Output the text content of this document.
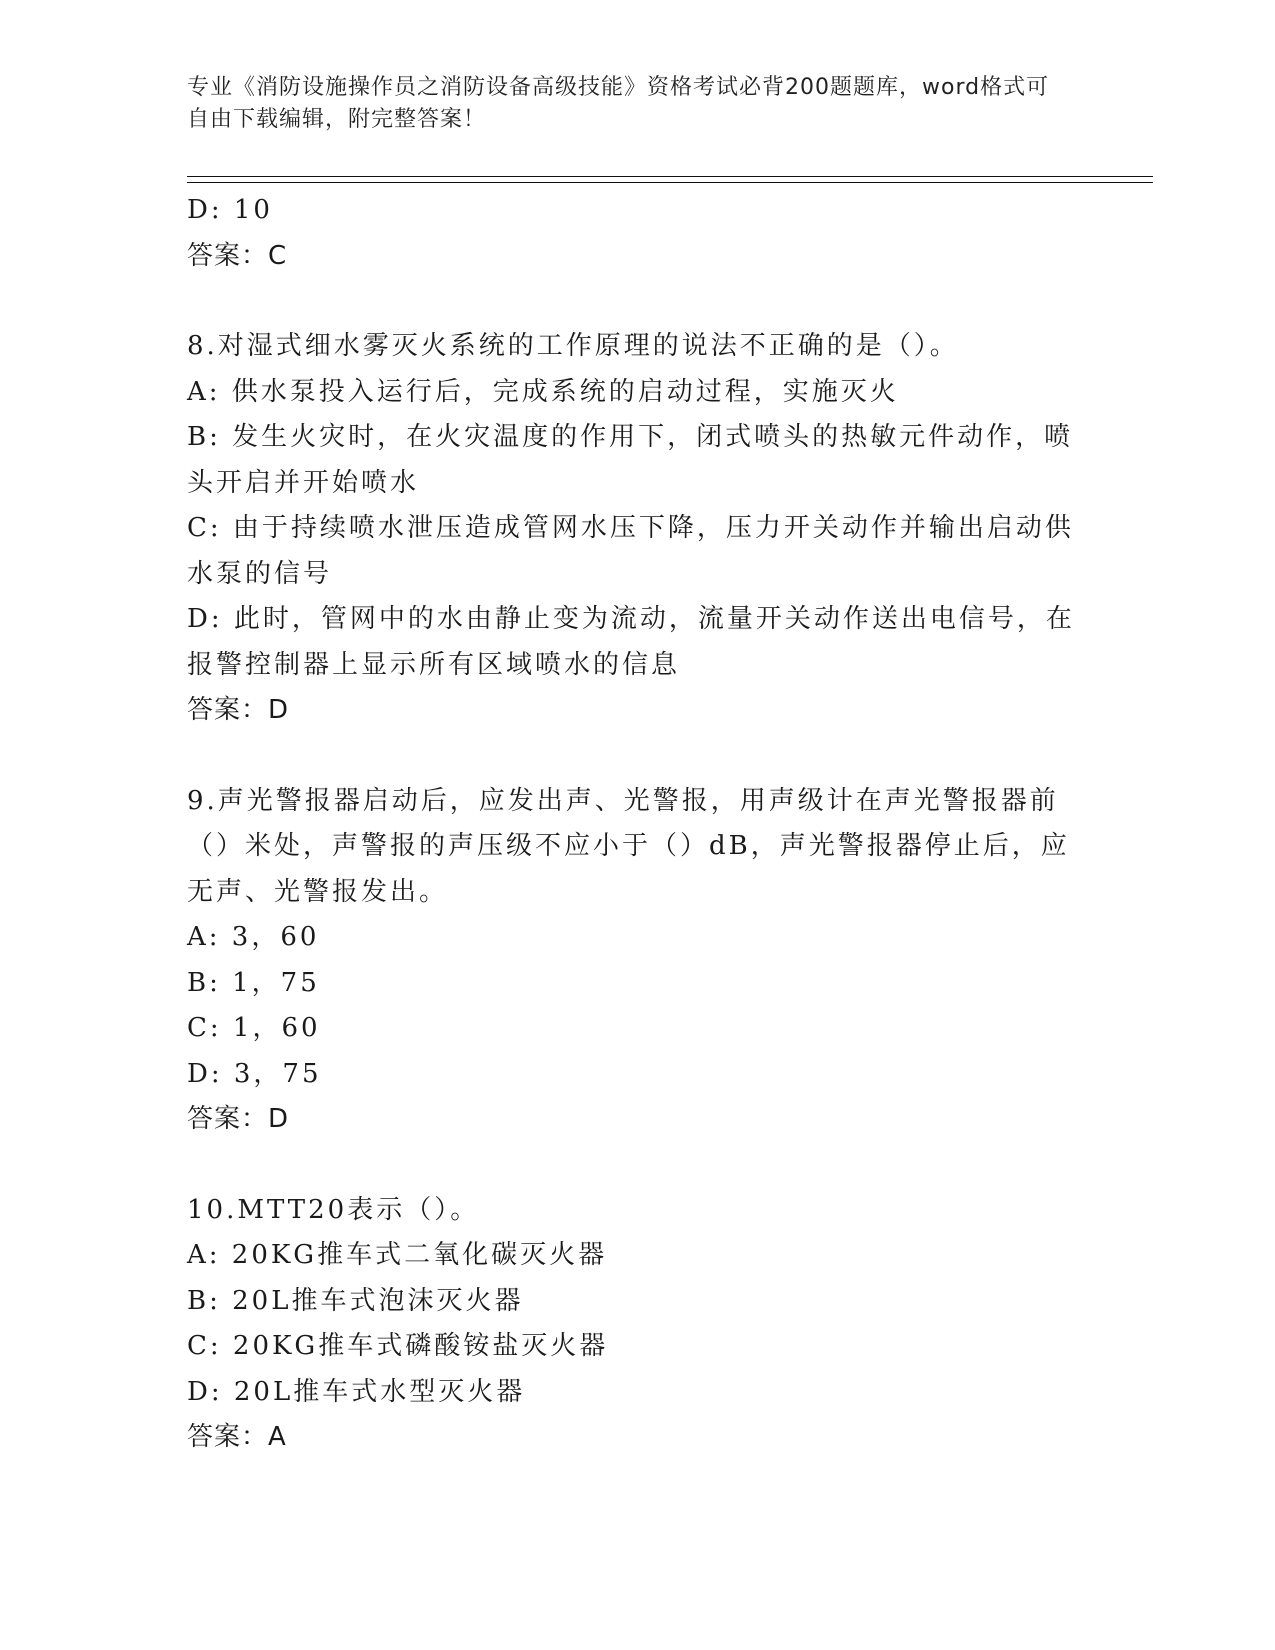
专业《消防设施操作员之消防设备高级技能》资格考试必背200题题库，word格式可自由下载编辑，附完整答案！

D: 10

答案：C

8.对湿式细水雾灭火系统的工作原理的说法不正确的是（）。

A: 供水泵投入运行后，完成系统的启动过程，实施灭火

B: 发生火灾时，在火灾温度的作用下，闭式喷头的热敏元件动作，喷头开启并开始喷水

C: 由于持续喷水泄压造成管网水压下降，压力开关动作并输出启动供水泵的信号

D: 此时，管网中的水由静止变为流动，流量开关动作送出电信号，在报警控制器上显示所有区域喷水的信息

答案：D

9.声光警报器启动后，应发出声、光警报，用声级计在声光警报器前（）米处，声警报的声压级不应小于（）dB，声光警报器停止后，应无声、光警报发出。

A: 3，60

B: 1，75

C: 1，60

D: 3，75

答案：D

10.MTT20表示（）。

A: 20KG推车式二氧化碳灭火器

B: 20L推车式泡沫灭火器

C: 20KG推车式磷酸铵盐灭火器

D: 20L推车式水型灭火器

答案：A
